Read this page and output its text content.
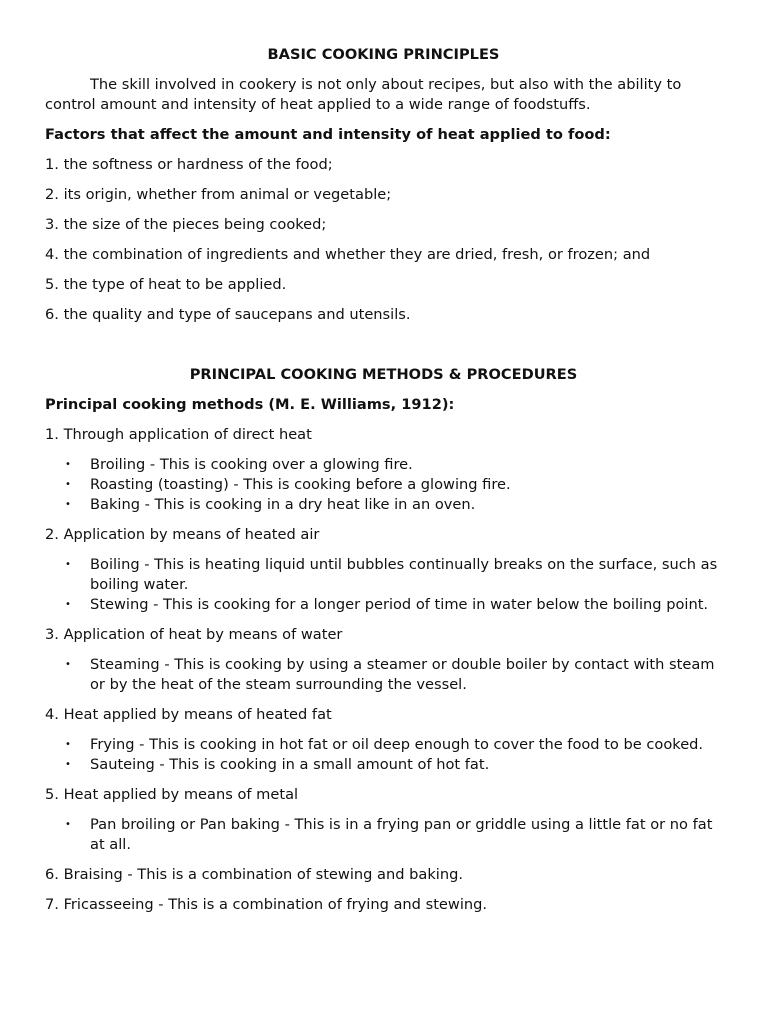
BASIC COOKING PRINCIPLES

The skill involved in cookery is not only about recipes, but also with the ability to control amount and intensity of heat applied to a wide range of foodstuffs.

Factors that affect the amount and intensity of heat applied to food:

1. the softness or hardness of the food;

2. its origin, whether from animal or vegetable;

3. the size of the pieces being cooked;

4. the combination of ingredients and whether they are dried, fresh, or frozen; and

5. the type of heat to be applied.

6. the quality and type of saucepans and utensils.

PRINCIPAL COOKING METHODS & PROCEDURES

Principal cooking methods (M. E. Williams, 1912):

1. Through application of direct heat

• Broiling - This is cooking over a glowing fire.
• Roasting (toasting) - This is cooking before a glowing fire.
• Baking - This is cooking in a dry heat like in an oven.

2. Application by means of heated air

• Boiling - This is heating liquid until bubbles continually breaks on the surface, such as boiling water.
• Stewing - This is cooking for a longer period of time in water below the boiling point.

3. Application of heat by means of water

• Steaming - This is cooking by using a steamer or double boiler by contact with steam or by the heat of the steam surrounding the vessel.

4. Heat applied by means of heated fat

• Frying - This is cooking in hot fat or oil deep enough to cover the food to be cooked.
• Sauteing - This is cooking in a small amount of hot fat.

5. Heat applied by means of metal

• Pan broiling or Pan baking - This is in a frying pan or griddle using a little fat or no fat at all.

6. Braising - This is a combination of stewing and baking.

7. Fricasseeing - This is a combination of frying and stewing.
